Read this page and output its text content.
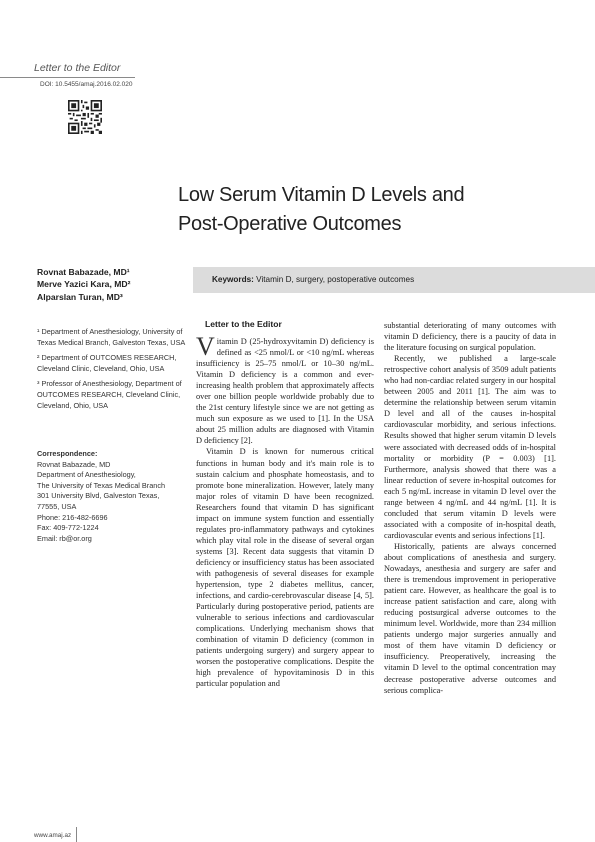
Letter to the Editor
DOI: 10.5455/amaj.2016.02.020
Low Serum Vitamin D Levels and
Post-Operative Outcomes
Rovnat Babazade, MD¹
Merve Yazici Kara, MD²
Alparslan Turan, MD³
Keywords: Vitamin D, surgery, postoperative outcomes

¹ Department of Anesthesiology, University of Texas Medical Branch, Galveston Texas, USA

² Department of OUTCOMES RESEARCH, Cleveland Clinic, Cleveland, Ohio, USA

³ Professor of Anesthesiology, Department of OUTCOMES RESEARCH, Cleveland Clinic, Cleveland, Ohio, USA

Correspondence:
Rovnat Babazade, MD
Department of Anesthesiology,
The University of Texas Medical Branch
301 University Blvd, Galveston Texas,
77555, USA
Phone: 216-482-6696
Fax: 409-772-1224
Email: rb@or.org
Letter to the Editor

Vitamin D (25-hydroxyvitamin D) deficiency is defined as <25 nmol/L or <10 ng/mL whereas insufficiency is 25–75 nmol/L or 10–30 ng/mL. Vitamin D deficiency is a common and ever-increasing health problem that approximately affects over one billion people worldwide probably due to the 21st century lifestyle since we are not getting as much sun exposure as we used to [1]. In the USA about 25 million adults are diagnosed with Vitamin D deficiency [2].

Vitamin D is known for numerous critical functions in human body and it's main role is to sustain calcium and phosphate homeostasis, and to promote bone mineralization. However, lately many major roles of vitamin D have been recognized. Researchers found that vitamin D has significant impact on immune system function and essentially regulates pro-inflammatory pathways and cytokines which play vital role in the disease of several organ systems [3]. Recent data suggests that vitamin D deficiency or insufficiency status has been associated with pathogenesis of several diseases for example hypertension, type 2 diabetes mellitus, cancer, infections, and cardio-cerebrovascular disease [4, 5]. Particularly during postoperative period, patients are vulnerable to serious infections and cardiovascular complications. Underlying mechanism shows that combination of vitamin D deficiency (common in patients undergoing surgery) and surgery appear to worsen the postoperative complications. Despite the high prevalence of hypovitaminosis D in this particular population and

substantial deteriorating of many outcomes with vitamin D deficiency, there is a paucity of data in the literature focusing on surgical population.

Recently, we published a large-scale retrospective cohort analysis of 3509 adult patients who had non-cardiac related surgery in our hospital between 2005 and 2011 [1]. The aim was to determine the relationship between serum vitamin D level and all of the causes in-hospital cardiovascular morbidity, and serious infections. Results showed that higher serum vitamin D levels were associated with decreased odds of in-hospital mortality or morbidity (P = 0.003) [1]. Furthermore, analysis showed that there was a linear reduction of severe in-hospital outcomes for each 5 ng/mL increase in vitamin D level over the range between 4 ng/mL and 44 ng/mL [1]. It is concluded that serum vitamin D levels were associated with a composite of in-hospital death, cardiovascular events and serious infections [1].

Historically, patients are always concerned about complications of anesthesia and surgery. Nowadays, anesthesia and surgery are safer and there is tremendous improvement in perioperative patient care. However, as healthcare the goal is to increase patient satisfaction and care, along with reducing postsurgical adverse outcomes to the minimum level. Worldwide, more than 234 million patients undergo major surgeries annually and most of them have vitamin D deficiency or insufficiency. Preoperatively, increasing the vitamin D level to the optimal concentration may decrease postoperative adverse outcomes and serious complica-

www.amaj.az
